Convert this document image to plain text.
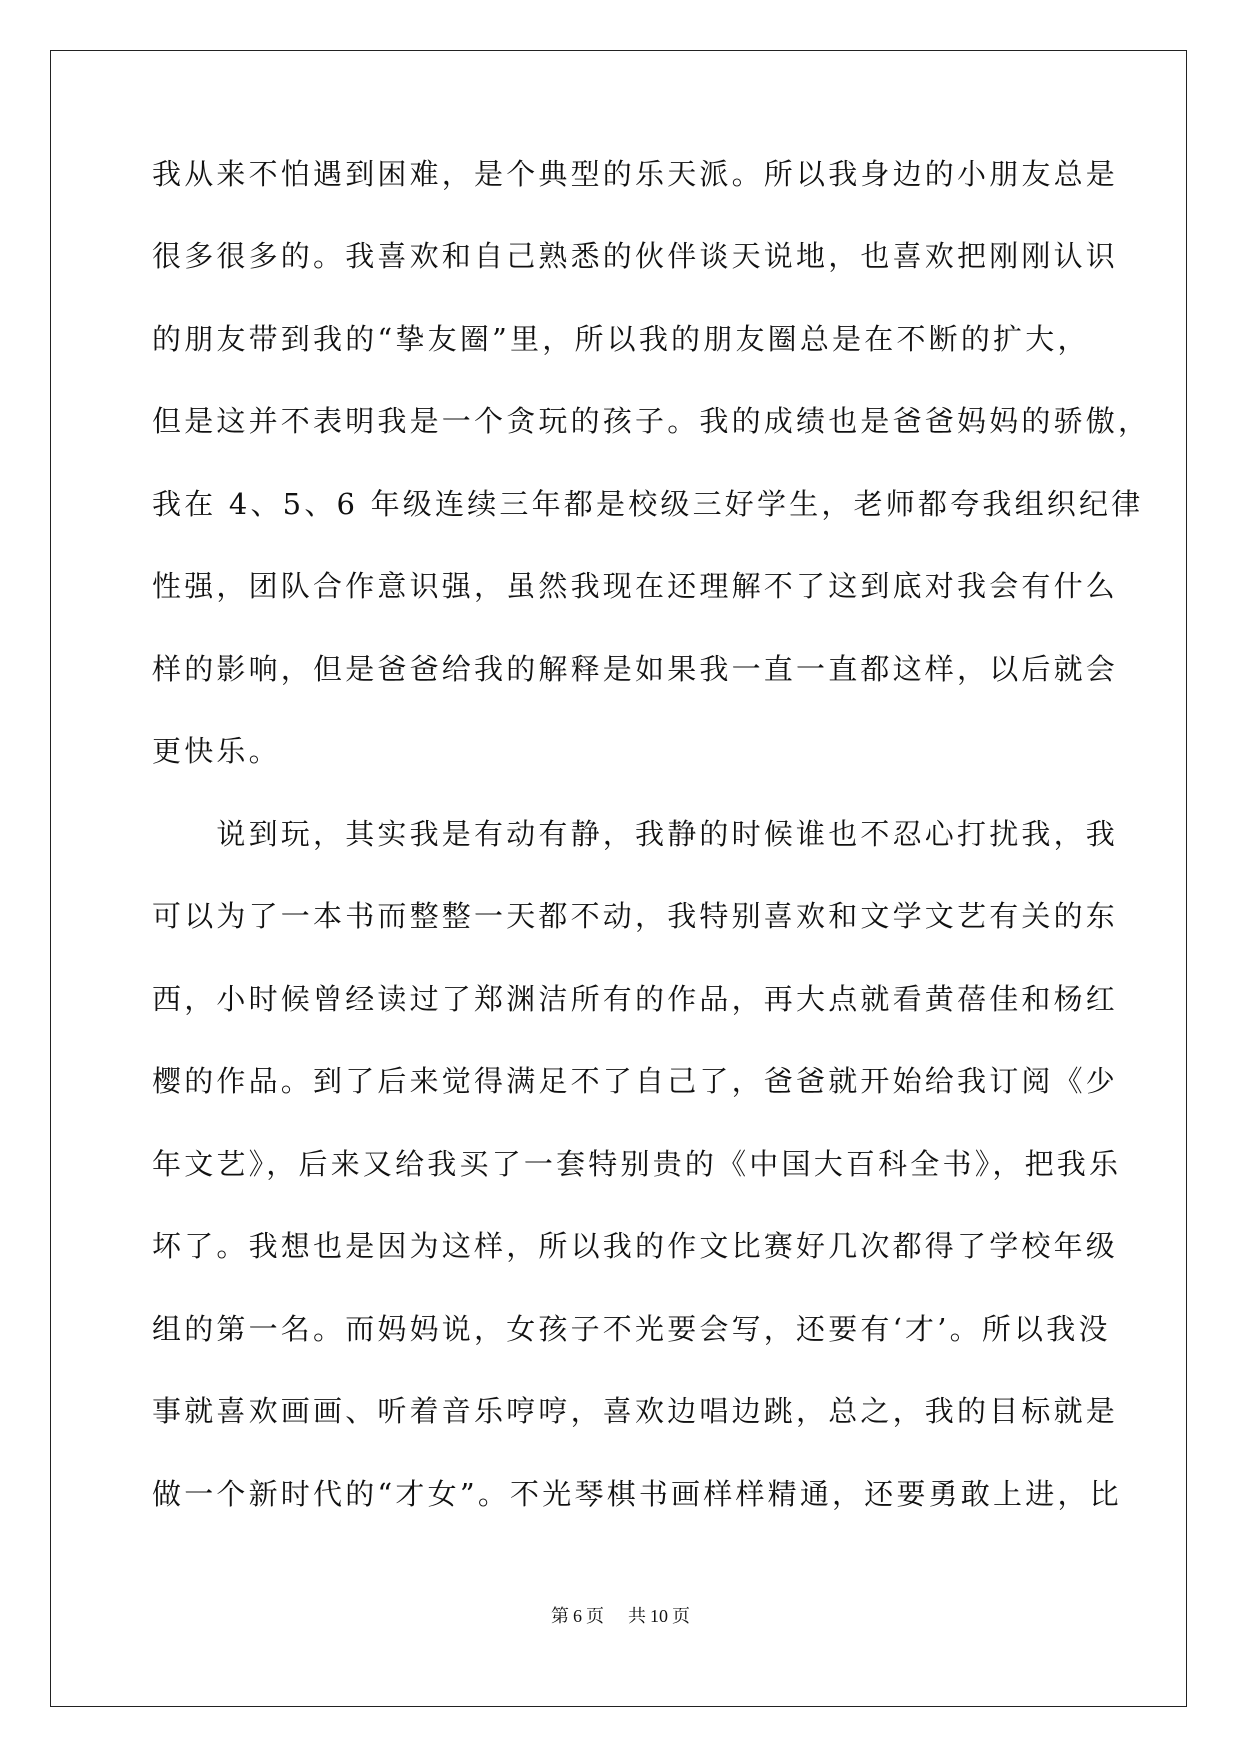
我从来不怕遇到困难，是个典型的乐天派。所以我身边的小朋友总是
很多很多的。我喜欢和自己熟悉的伙伴谈天说地，也喜欢把刚刚认识
的朋友带到我的“挚友圈”里，所以我的朋友圈总是在不断的扩大，
但是这并不表明我是一个贪玩的孩子。我的成绩也是爸爸妈妈的骄傲，
我在 4、5、6 年级连续三年都是校级三好学生，老师都夸我组织纪律
性强，团队合作意识强，虽然我现在还理解不了这到底对我会有什么
样的影响，但是爸爸给我的解释是如果我一直一直都这样，以后就会
更快乐。
　　说到玩，其实我是有动有静，我静的时候谁也不忍心打扰我，我
可以为了一本书而整整一天都不动，我特别喜欢和文学文艺有关的东
西，小时候曾经读过了郑渊洁所有的作品，再大点就看黄蓓佳和杨红
樱的作品。到了后来觉得满足不了自己了，爸爸就开始给我订阅《少
年文艺》，后来又给我买了一套特别贵的《中国大百科全书》，把我乐
坏了。我想也是因为这样，所以我的作文比赛好几次都得了学校年级
组的第一名。而妈妈说，女孩子不光要会写，还要有‘才’。所以我没
事就喜欢画画、听着音乐哼哼，喜欢边唱边跳，总之，我的目标就是
做一个新时代的“才女”。不光琴棋书画样样精通，还要勇敢上进，比
第 6 页 共 10 页
